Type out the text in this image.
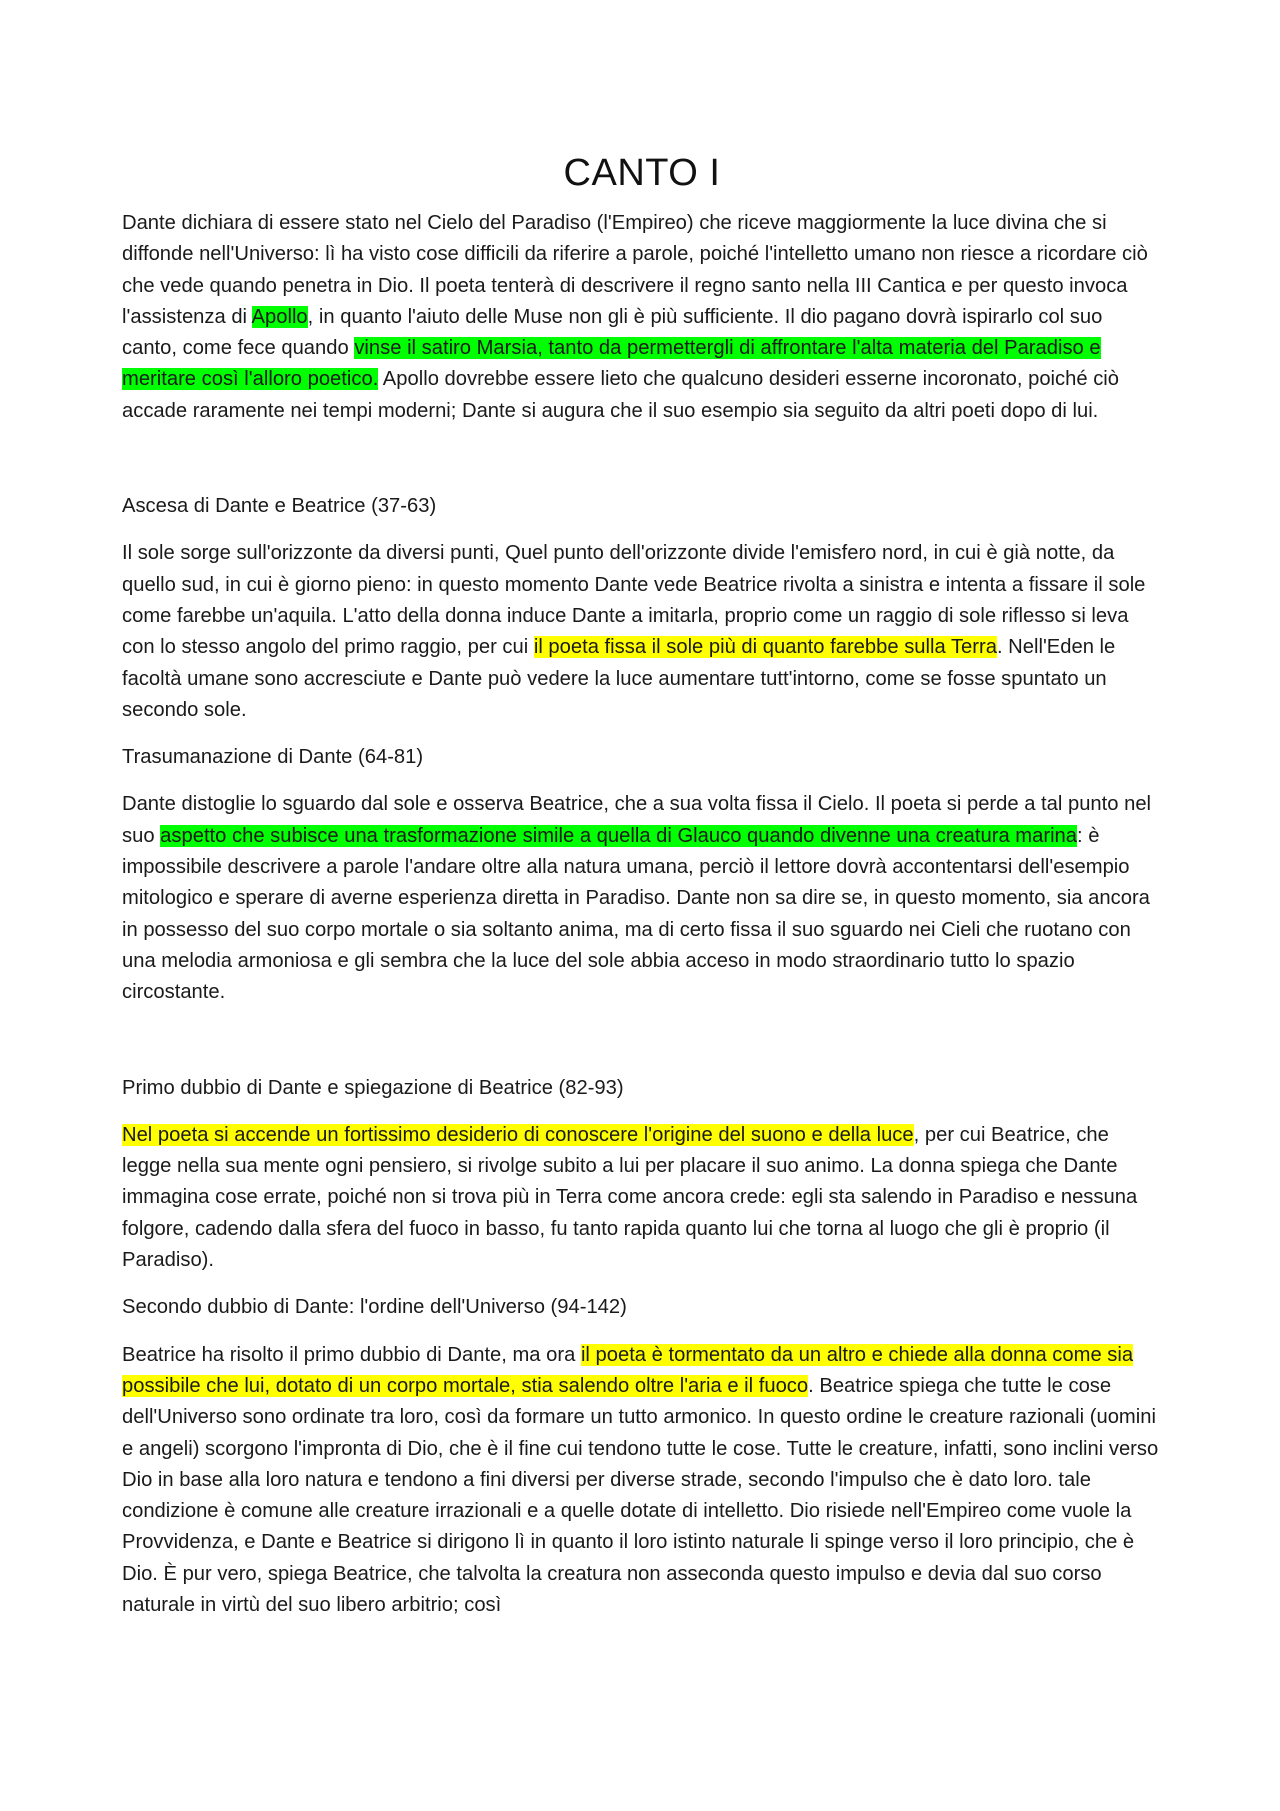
CANTO I

Dante dichiara di essere stato nel Cielo del Paradiso (l'Empireo) che riceve maggiormente la luce divina che si diffonde nell'Universo: lì ha visto cose difficili da riferire a parole, poiché l'intelletto umano non riesce a ricordare ciò che vede quando penetra in Dio. Il poeta tenterà di descrivere il regno santo nella III Cantica e per questo invoca l'assistenza di Apollo, in quanto l'aiuto delle Muse non gli è più sufficiente. Il dio pagano dovrà ispirarlo col suo canto, come fece quando vinse il satiro Marsia, tanto da permettergli di affrontare l'alta materia del Paradiso e meritare così l'alloro poetico. Apollo dovrebbe essere lieto che qualcuno desideri esserne incoronato, poiché ciò accade raramente nei tempi moderni; Dante si augura che il suo esempio sia seguito da altri poeti dopo di lui.

Ascesa di Dante e Beatrice (37-63)

Il sole sorge sull'orizzonte da diversi punti, Quel punto dell'orizzonte divide l'emisfero nord, in cui è già notte, da quello sud, in cui è giorno pieno: in questo momento Dante vede Beatrice rivolta a sinistra e intenta a fissare il sole come farebbe un'aquila. L'atto della donna induce Dante a imitarla, proprio come un raggio di sole riflesso si leva con lo stesso angolo del primo raggio, per cui il poeta fissa il sole più di quanto farebbe sulla Terra. Nell'Eden le facoltà umane sono accresciute e Dante può vedere la luce aumentare tutt'intorno, come se fosse spuntato un secondo sole.

Trasumanazione di Dante (64-81)

Dante distoglie lo sguardo dal sole e osserva Beatrice, che a sua volta fissa il Cielo. Il poeta si perde a tal punto nel suo aspetto che subisce una trasformazione simile a quella di Glauco quando divenne una creatura marina: è impossibile descrivere a parole l'andare oltre alla natura umana, perciò il lettore dovrà accontentarsi dell'esempio mitologico e sperare di averne esperienza diretta in Paradiso. Dante non sa dire se, in questo momento, sia ancora in possesso del suo corpo mortale o sia soltanto anima, ma di certo fissa il suo sguardo nei Cieli che ruotano con una melodia armoniosa e gli sembra che la luce del sole abbia acceso in modo straordinario tutto lo spazio circostante.

Primo dubbio di Dante e spiegazione di Beatrice (82-93)

Nel poeta si accende un fortissimo desiderio di conoscere l'origine del suono e della luce, per cui Beatrice, che legge nella sua mente ogni pensiero, si rivolge subito a lui per placare il suo animo. La donna spiega che Dante immagina cose errate, poiché non si trova più in Terra come ancora crede: egli sta salendo in Paradiso e nessuna folgore, cadendo dalla sfera del fuoco in basso, fu tanto rapida quanto lui che torna al luogo che gli è proprio (il Paradiso).

Secondo dubbio di Dante: l'ordine dell'Universo (94-142)

Beatrice ha risolto il primo dubbio di Dante, ma ora il poeta è tormentato da un altro e chiede alla donna come sia possibile che lui, dotato di un corpo mortale, stia salendo oltre l'aria e il fuoco. Beatrice spiega che tutte le cose dell'Universo sono ordinate tra loro, così da formare un tutto armonico. In questo ordine le creature razionali (uomini e angeli) scorgono l'impronta di Dio, che è il fine cui tendono tutte le cose. Tutte le creature, infatti, sono inclini verso Dio in base alla loro natura e tendono a fini diversi per diverse strade, secondo l'impulso che è dato loro. tale condizione è comune alle creature irrazionali e a quelle dotate di intelletto. Dio risiede nell'Empireo come vuole la Provvidenza, e Dante e Beatrice si dirigono lì in quanto il loro istinto naturale li spinge verso il loro principio, che è Dio. È pur vero, spiega Beatrice, che talvolta la creatura non asseconda questo impulso e devia dal suo corso naturale in virtù del suo libero arbitrio; così
